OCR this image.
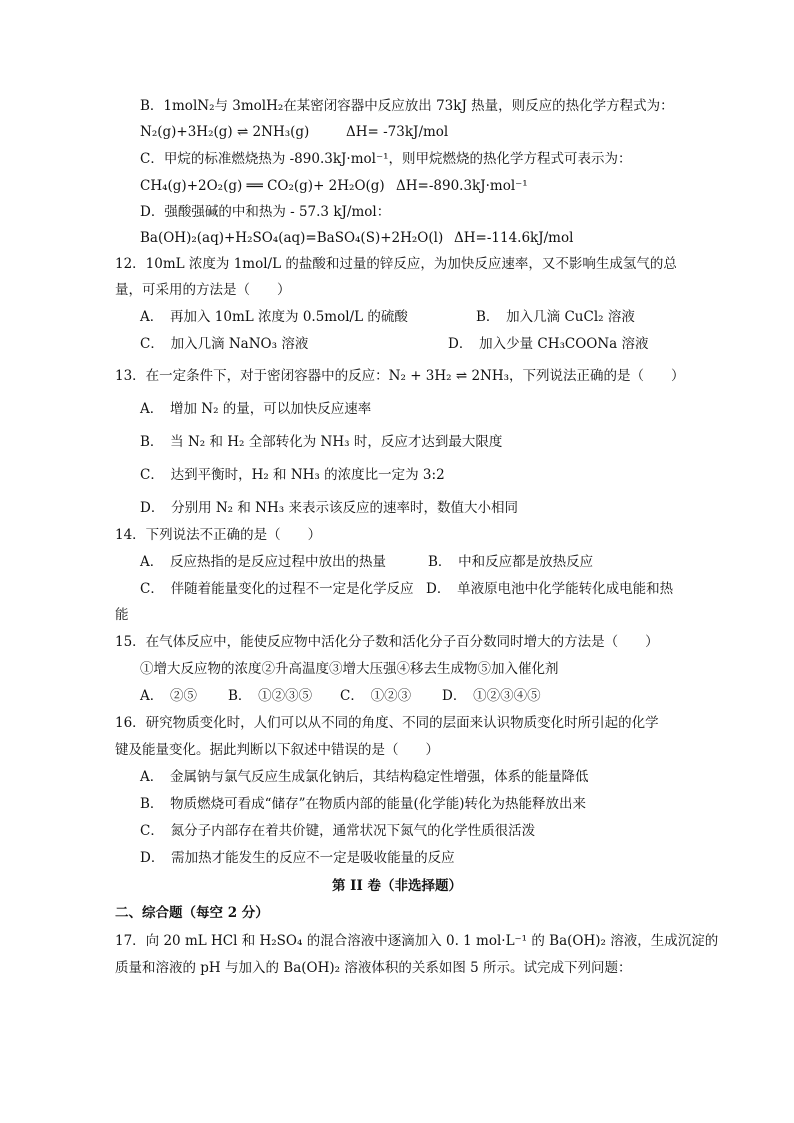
B．1molN₂与 3molH₂在某密闭容器中反应放出 73kJ 热量，则反应的热化学方程式为：
N₂(g)+3H₂(g) ⇌ 2NH₃(g)	ΔH= -73kJ/mol
C．甲烷的标准燃烧热为 -890.3kJ·mol⁻¹，则甲烷燃烧的热化学方程式可表示为：
CH₄(g)+2O₂(g) ══ CO₂(g)+ 2H₂O(g) ΔH=-890.3kJ·mol⁻¹
D．强酸强碱的中和热为 - 57.3 kJ/mol：
Ba(OH)₂(aq)+H₂SO₄(aq)=BaSO₄(S)+2H₂O(l) ΔH=-114.6kJ/mol
12．10mL 浓度为 1mol/L 的盐酸和过量的锌反应，为加快反应速率，又不影响生成氢气的总
量，可采用的方法是（　　）
A．　再加入 10mL 浓度为 0.5mol/L 的硫酸	B．　加入几滴 CuCl₂ 溶液
C．　加入几滴 NaNO₃ 溶液	D．　加入少量 CH₃COONa 溶液
13．在一定条件下，对于密闭容器中的反应：N₂ + 3H₂ ⇌ 2NH₃，下列说法正确的是（　　）
A．　增加 N₂ 的量，可以加快反应速率
B．　当 N₂ 和 H₂ 全部转化为 NH₃ 时，反应才达到最大限度
C．　达到平衡时，H₂ 和 NH₃ 的浓度比一定为 3:2
D．　分别用 N₂ 和 NH₃ 来表示该反应的速率时，数值大小相同
14．下列说法不正确的是（　　）
A．　反应热指的是反应过程中放出的热量	B．　中和反应都是放热反应
C．　伴随着能量变化的过程不一定是化学反应 D．　单液原电池中化学能转化成电能和热
能
15．在气体反应中，能使反应物中活化分子数和活化分子百分数同时增大的方法是（　　）
①增大反应物的浓度②升高温度③增大压强④移去生成物⑤加入催化剂
A．　②⑤ B．　①②③⑤ C．　①②③ D．　①②③④⑤
16．研究物质变化时，人们可以从不同的角度、不同的层面来认识物质变化时所引起的化学
键及能量变化。据此判断以下叙述中错误的是（　　）
A．　金属钠与氯气反应生成氯化钠后，其结构稳定性增强，体系的能量降低
B．　物质燃烧可看成“储存”在物质内部的能量(化学能)转化为热能释放出来
C．　氮分子内部存在着共价键，通常状况下氮气的化学性质很活泼
D．　需加热才能发生的反应不一定是吸收能量的反应
第 II 卷（非选择题）
二、综合题（每空 2 分）
17．向 20 mL HCl 和 H₂SO₄ 的混合溶液中逐滴加入 0. 1 mol·L⁻¹ 的 Ba(OH)₂ 溶液，生成沉淀的
质量和溶液的 pH 与加入的 Ba(OH)₂ 溶液体积的关系如图 5 所示。试完成下列问题：
